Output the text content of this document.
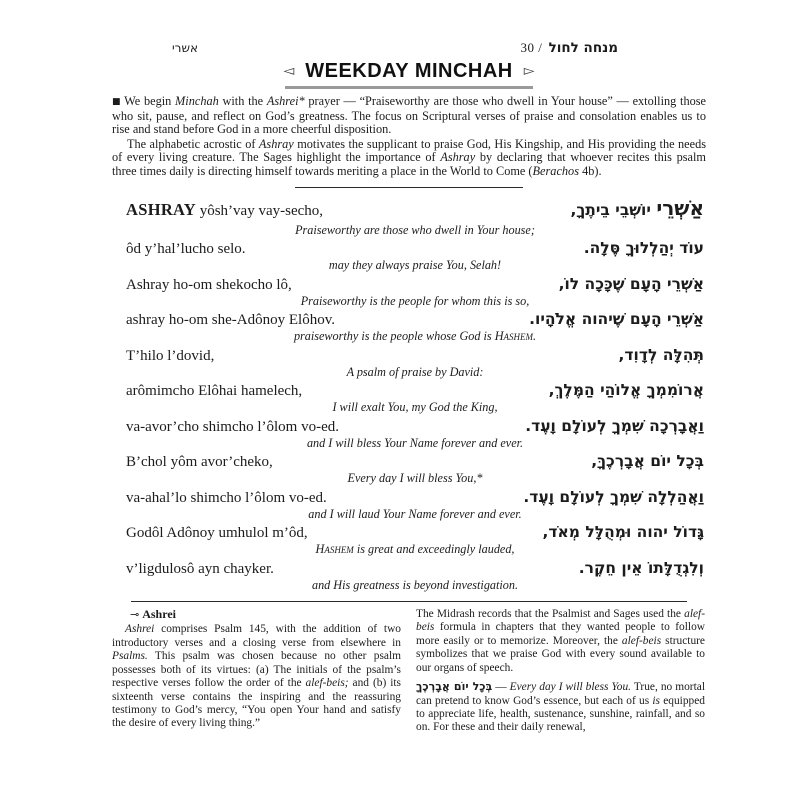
אשרי	30 / מנחה לחול
◅ WEEKDAY MINCHAH ▻

■ We begin Minchah with the Ashrei* prayer — “Praiseworthy are those who dwell in Your house” — extolling those who sit, pause, and reflect on God’s greatness. The focus on Scriptural verses of praise and consolation enables us to rise and stand before God in a more cheerful disposition.

The alphabetic acrostic of Ashray motivates the supplicant to praise God, His Kingship, and His providing the needs of every living creature. The Sages highlight the importance of Ashray by declaring that whoever recites this psalm three times daily is directing himself towards meriting a place in the World to Come (Berachos 4b).

ASHRAY yôsh’vay vay-secho,	אַשְׁרֵי יוֹשְׁבֵי בֵיתֶךָ,
Praiseworthy are those who dwell in Your house;
ôd y’hal’lucho selo.	עוֹד יְהַלְלוּךָ סֶּלָה.
may they always praise You, Selah!
Ashray ho-om shekocho lô,	אַשְׁרֵי הָעָם שֶׁכָּכָה לוֹ,
Praiseworthy is the people for whom this is so,
ashray ho-om she-Adônoy Elôhov.	אַשְׁרֵי הָעָם שֶׁיהוה אֱלֹהָיו.
praiseworthy is the people whose God is Hashem.
T’hilo l’dovid,	תְּהִלָּה לְדָוִד,
A psalm of praise by David:
arômimcho Elôhai hamelech,	אֲרוֹמִמְךָ אֱלוֹהַי הַמֶּלֶךְ,
I will exalt You, my God the King,
va-avor’cho shimcho l’ôlom vo-ed.	וַאֲבָרְכָה שִׁמְךָ לְעוֹלָם וָעֶד.
and I will bless Your Name forever and ever.
B’chol yôm avor’cheko,	בְּכָל יוֹם אֲבָרְכֶךָּ,
Every day I will bless You,*
va-ahal’lo shimcho l’ôlom vo-ed.	וַאֲהַלְלָה שִׁמְךָ לְעוֹלָם וָעֶד.
and I will laud Your Name forever and ever.
Godôl Adônoy umhulol m’ôd,	גָּדוֹל יהוה וּמְהֻלָּל מְאֹד,
Hashem is great and exceedingly lauded,
v’ligdulosô ayn chayker.	וְלִגְדֻלָּתוֹ אֵין חֵקֶר.
and His greatness is beyond investigation.
⊸ Ashrei

Ashrei comprises Psalm 145, with the addition of two introductory verses and a closing verse from elsewhere in Psalms. This psalm was chosen because no other psalm possesses both of its virtues: (a) The initials of the psalm’s respective verses follow the order of the alef-beis; and (b) its sixteenth verse contains the inspiring and the reassuring testimony to God’s mercy, “You open Your hand and satisfy the desire of every living thing.”

The Midrash records that the Psalmist and Sages used the alef-beis formula in chapters that they wanted people to follow more easily or to memorize. Moreover, the alef-beis structure symbolizes that we praise God with every sound available to our organs of speech.

בְּכָל יוֹם אֲבָרְכֶךָ — Every day I will bless You. True, no mortal can pretend to know God’s essence, but each of us is equipped to appreciate life, health, sustenance, sunshine, rainfall, and so on. For these and their daily renewal,
